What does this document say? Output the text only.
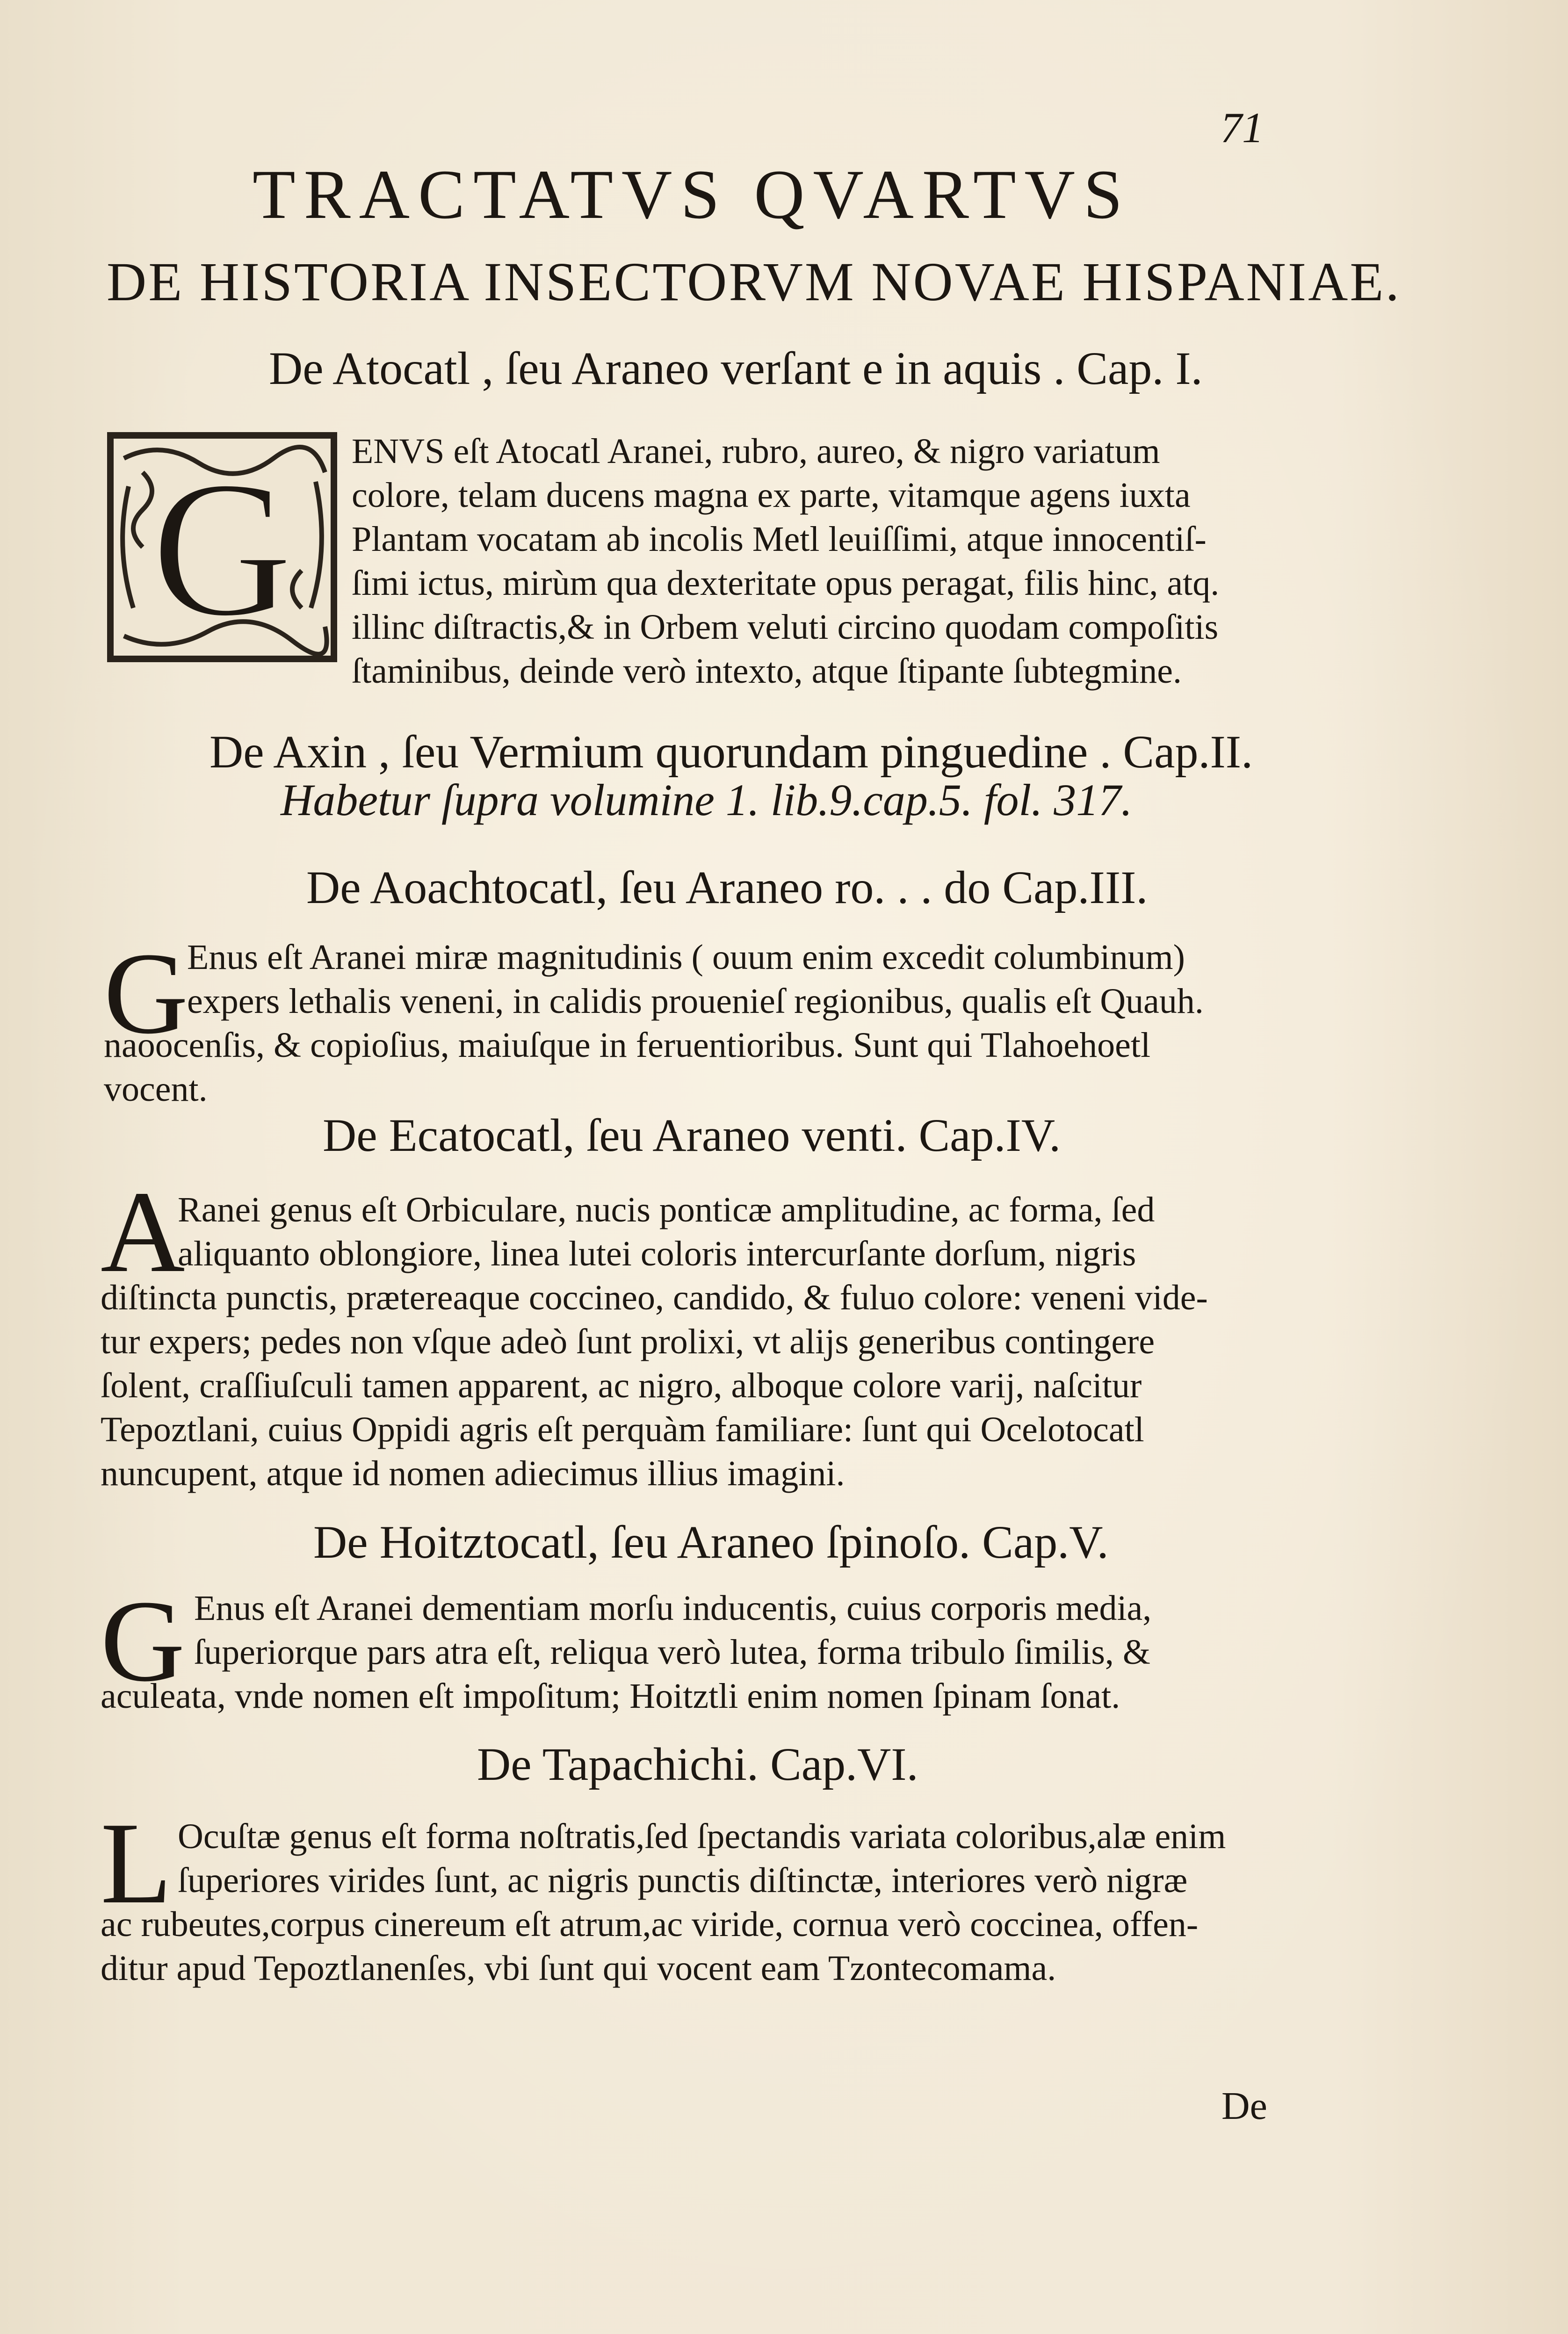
71
TRACTATVS QVARTVS
DE HISTORIA INSECTORVM NOVAE HISPANIAE.
De Atocatl , ſeu Araneo verſant e in aquis . Cap. I.
G ENVS eſt Atocatl Aranei, rubro, aureo, & nigro variatum

colore, telam ducens magna ex parte, vitamque agens iuxta

Plantam vocatam ab incolis Metl leuiſſimi, atque innocentiſ-

ſimi ictus, mirùm qua dexteritate opus peragat, filis hinc, atq.

illinc diſtractis,& in Orbem veluti circino quodam compoſitis

ſtaminibus, deinde verò intexto, atque ſtipante ſubtegmine.

De Axin , ſeu Vermium quorundam pinguedine . Cap.II.
Habetur ſupra volumine 1. lib.9.cap.5. fol. 317.
De Aoachtocatl, ſeu Araneo ro. . . do Cap.III.
G

Enus eſt Aranei miræ magnitudinis ( ouum enim excedit columbinum)

expers lethalis veneni, in calidis prouenieſ regionibus, qualis eſt Quauh.

naoocenſis, & copioſius, maiuſque in feruentioribus. Sunt qui Tlahoehoetl

vocent.

De Ecatocatl, ſeu Araneo venti. Cap.IV.
A

Ranei genus eſt Orbiculare, nucis ponticæ amplitudine, ac forma, ſed

aliquanto oblongiore, linea lutei coloris intercurſante dorſum, nigris

diſtincta punctis, prætereaque coccineo, candido, & fuluo colore: veneni vide-

tur expers; pedes non vſque adeò ſunt prolixi, vt alijs generibus contingere

ſolent, craſſiuſculi tamen apparent, ac nigro, alboque colore varij, naſcitur

Tepoztlani, cuius Oppidi agris eſt perquàm familiare: ſunt qui Ocelotocatl

nuncupent, atque id nomen adiecimus illius imagini.

De Hoitztocatl, ſeu Araneo ſpinoſo. Cap.V.
G Enus eſt Aranei dementiam morſu inducentis, cuius corporis media,

ſuperiorque pars atra eſt, reliqua verò lutea, forma tribulo ſimilis, &

aculeata, vnde nomen eſt impoſitum; Hoitztli enim nomen ſpinam ſonat.

De Tapachichi. Cap.VI.
L Ocuſtæ genus eſt forma noſtratis,ſed ſpectandis variata coloribus,alæ enim

ſuperiores virides ſunt, ac nigris punctis diſtinctæ, interiores verò nigræ

ac rubeutes,corpus cinereum eſt atrum,ac viride, cornua verò coccinea, offen-

ditur apud Tepoztlanenſes, vbi ſunt qui vocent eam Tzontecomama.

De
